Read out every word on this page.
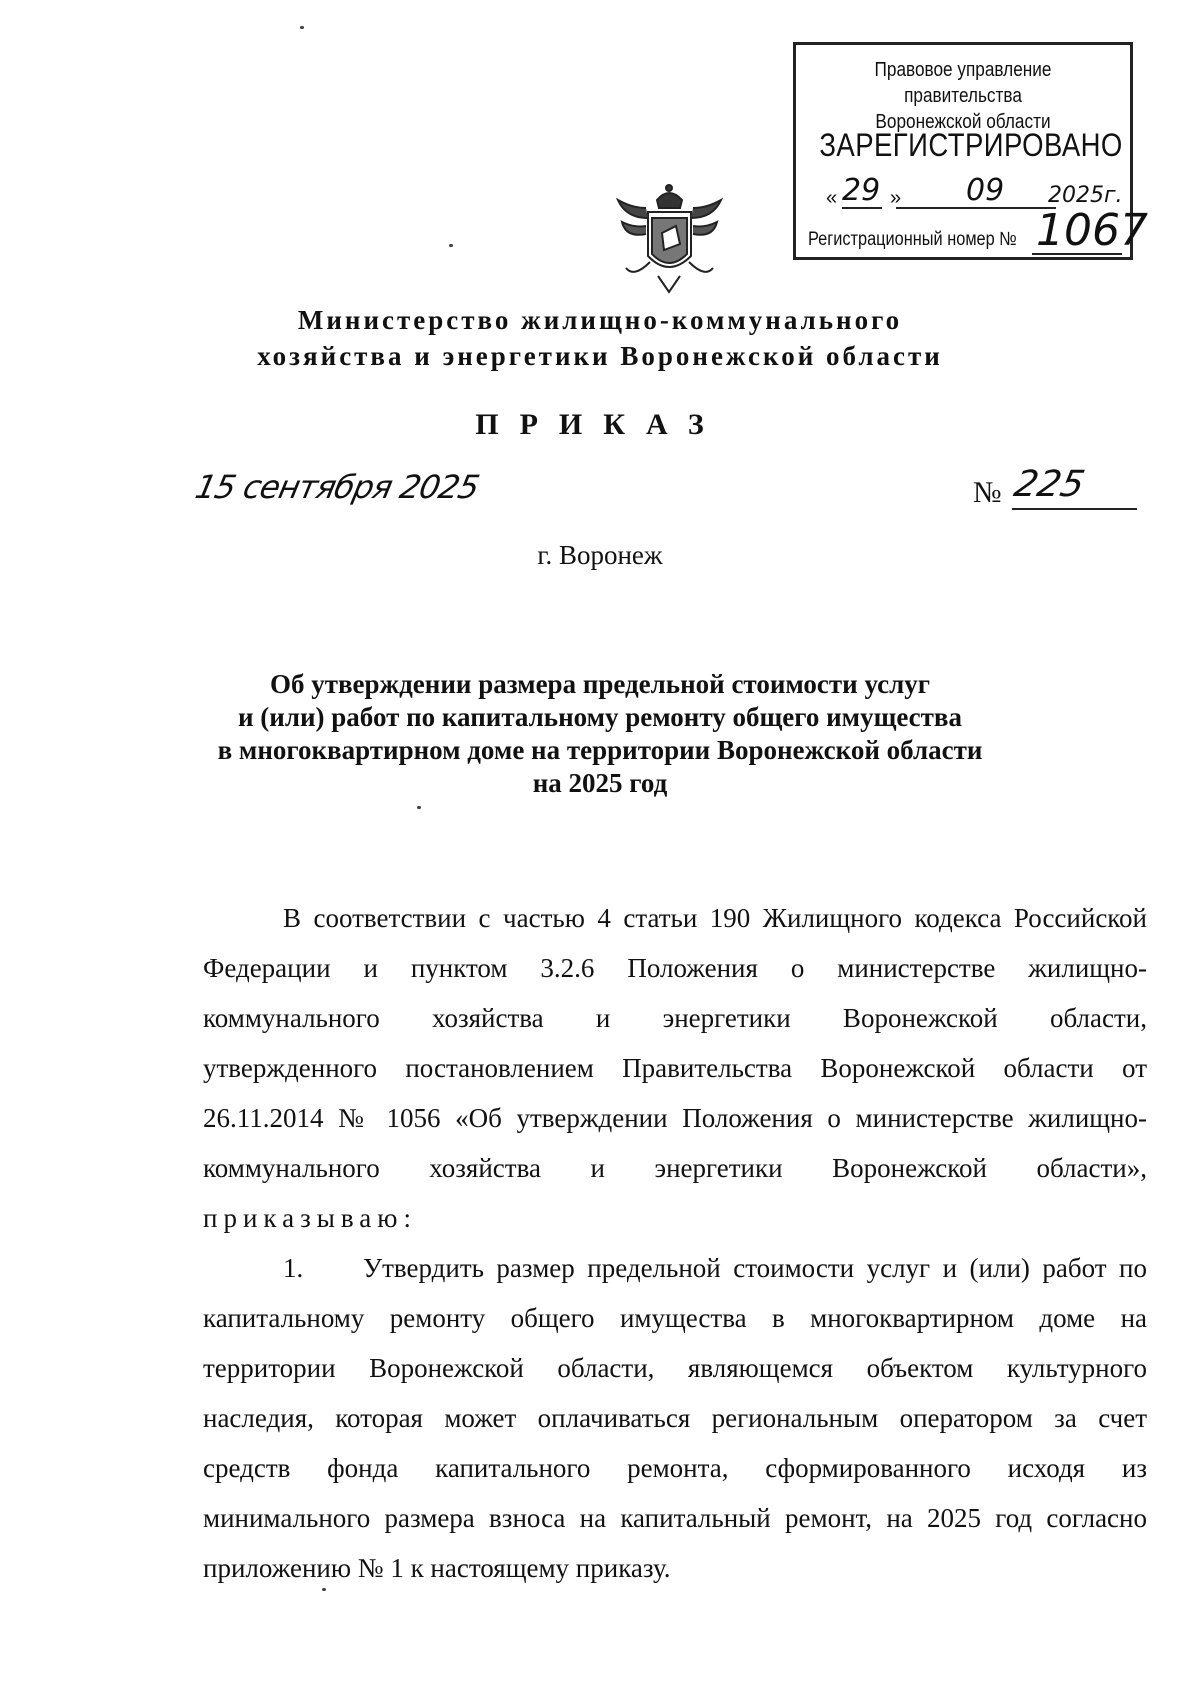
Правовое управление правительства
Воронежской области
ЗАРЕГИСТРИРОВАНО
« 29 » 09 2025г.
Регистрационный номер № 1067
Министерство жилищно-коммунального
хозяйства и энергетики Воронежской области
ПРИКАЗ
15 сентября 2025	№ 225
г. Воронеж
Об утверждении размера предельной стоимости услуг
и (или) работ по капитальному ремонту общего имущества
в многоквартирном доме на территории Воронежской области
на 2025 год
В соответствии с частью 4 статьи 190 Жилищного кодекса Российской
Федерации и пунктом 3.2.6 Положения о министерстве жилищно-
коммунального хозяйства и энергетики Воронежской области,
утвержденного постановлением Правительства Воронежской области от
26.11.2014 № 1056 «Об утверждении Положения о министерстве жилищно-
коммунального хозяйства и энергетики Воронежской области»,
приказываю:
1. Утвердить размер предельной стоимости услуг и (или) работ по
капитальному ремонту общего имущества в многоквартирном доме на
территории Воронежской области, являющемся объектом культурного
наследия, которая может оплачиваться региональным оператором за счет
средств фонда капитального ремонта, сформированного исходя из
минимального размера взноса на капитальный ремонт, на 2025 год согласно
приложению № 1 к настоящему приказу.
